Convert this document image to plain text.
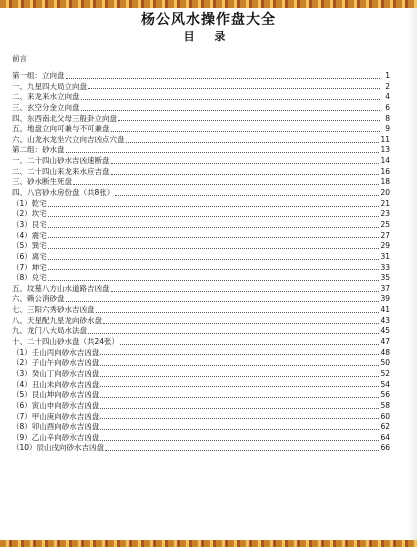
杨公风水操作盘大全
目 录
前言
第一组：立向盘	1
一、九星四大局立向盘	2
二、来龙来水立向盘	4
三、玄空分金立向盘	6
四、东西南北父母三般卦立向盘	8
五、地盘立向可兼与不可兼盘	9
六、山龙水龙坐穴立向吉凶点穴盘	11
第二组：砂水盘	13
一、二十四山砂水吉凶速断盘	14
二、二十四山来龙来水应吉盘	16
三、砂水断生死盘	18
四、八宫砂水房份盘（共8张）	20
（1）乾宅	21
（2）坎宅	23
（3）艮宅	25
（4）震宅	27
（5）巽宅	29
（6）离宅	31
（7）坤宅	33
（8）兑宅	35
五、坟墓八方山水道路吉凶盘	37
六、赖公消砂盘	39
七、三阳六秀砂水吉凶盘	41
八、天星配九星龙向砂水盘	43
九、龙门八大局水法盘	45
十、二十四山砂水盘（共24张）	47
（1）壬山丙向砂水吉凶盘	48
（2）子山午向砂水吉凶盘	50
（3）癸山丁向砂水吉凶盘	52
（4）丑山未向砂水吉凶盘	54
（5）艮山坤向砂水吉凶盘	56
（6）寅山申向砂水吉凶盘	58
（7）甲山庚向砂水吉凶盘	60
（8）卯山酉向砂水吉凶盘	62
（9）乙山辛向砂水吉凶盘	64
（10）辰山戌向砂水吉凶盘	66
